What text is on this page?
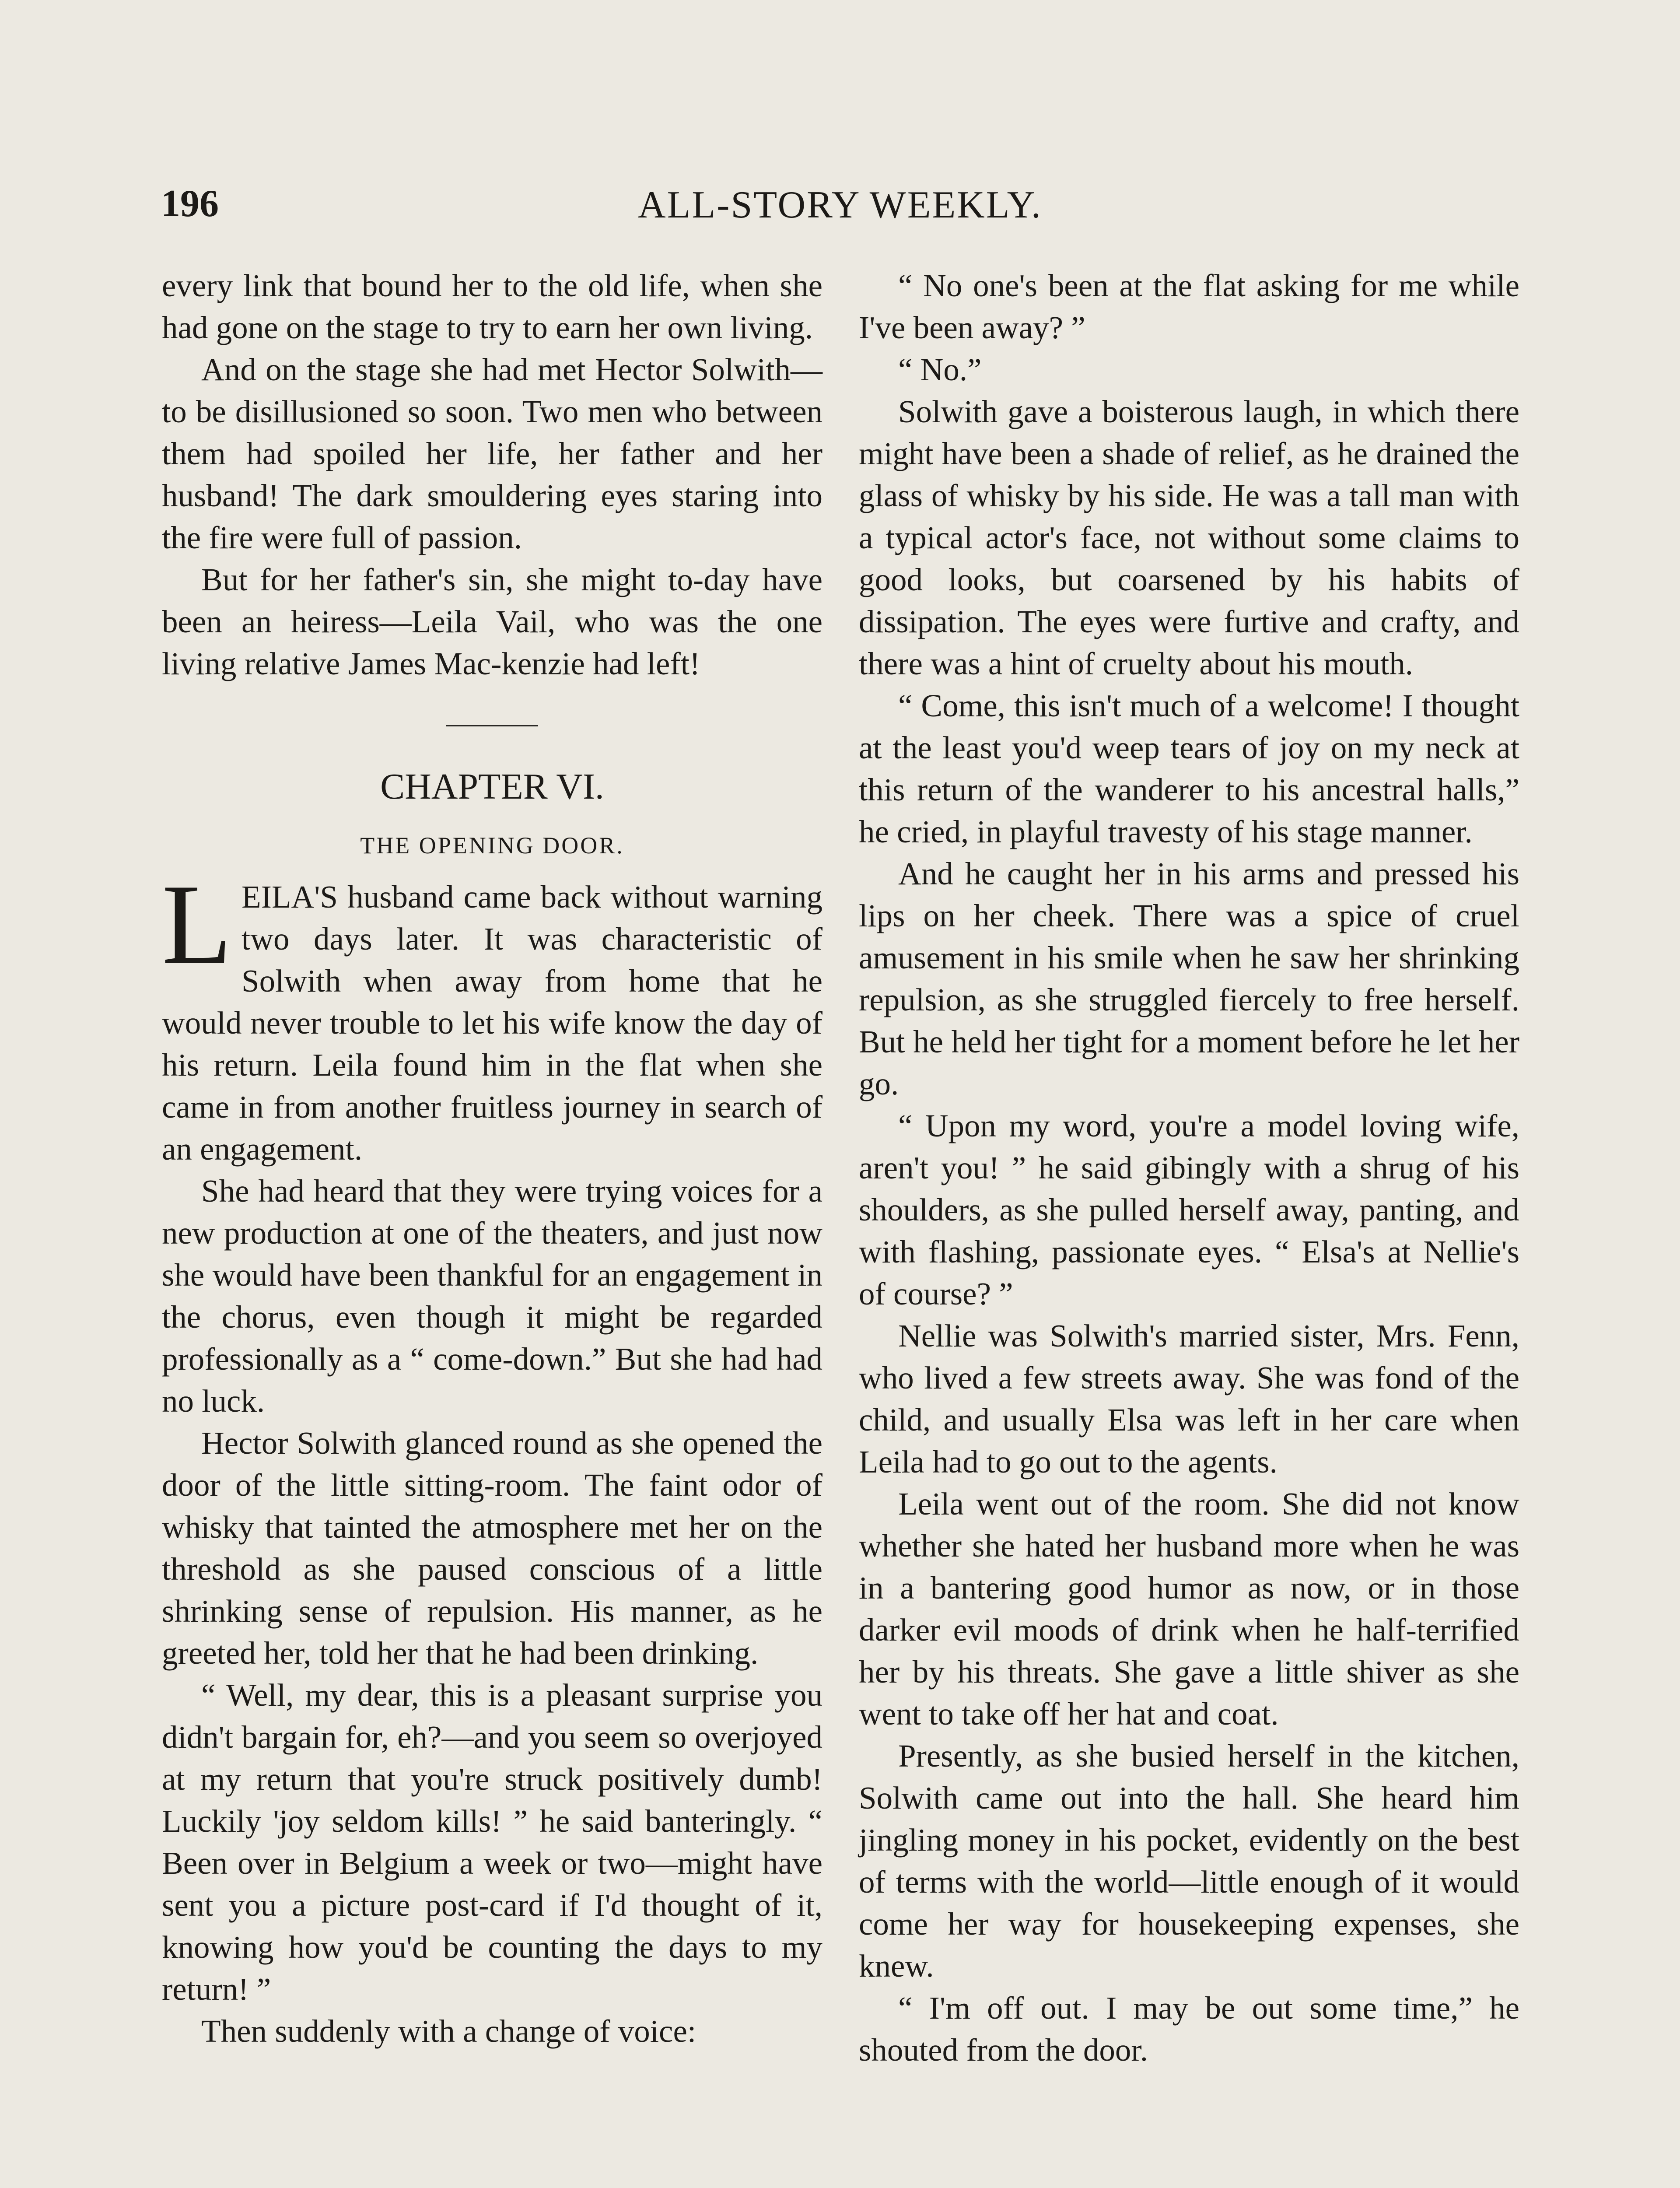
196	ALL-STORY WEEKLY.

every link that bound her to the old life, when she had gone on the stage to try to earn her own living.

And on the stage she had met Hector Solwith—to be disillusioned so soon. Two men who between them had spoiled her life, her father and her husband! The dark smouldering eyes staring into the fire were full of passion.

But for her father's sin, she might to-day have been an heiress—Leila Vail, who was the one living relative James Mac-kenzie had left!

CHAPTER VI.
THE OPENING DOOR.

LEILA'S husband came back without warning two days later. It was characteristic of Solwith when away from home that he would never trouble to let his wife know the day of his return. Leila found him in the flat when she came in from another fruitless journey in search of an engagement.

She had heard that they were trying voices for a new production at one of the theaters, and just now she would have been thankful for an engagement in the chorus, even though it might be regarded professionally as a “ come-down.” But she had had no luck.

Hector Solwith glanced round as she opened the door of the little sitting-room. The faint odor of whisky that tainted the atmosphere met her on the threshold as she paused conscious of a little shrinking sense of repulsion. His manner, as he greeted her, told her that he had been drinking.

“ Well, my dear, this is a pleasant surprise you didn't bargain for, eh?—and you seem so overjoyed at my return that you're struck positively dumb! Luckily 'joy seldom kills! ” he said banteringly. “ Been over in Belgium a week or two—might have sent you a picture post-card if I'd thought of it, knowing how you'd be counting the days to my return! ”

Then suddenly with a change of voice:

“ No one's been at the flat asking for me while I've been away? ”

“ No.”

Solwith gave a boisterous laugh, in which there might have been a shade of relief, as he drained the glass of whisky by his side. He was a tall man with a typical actor's face, not without some claims to good looks, but coarsened by his habits of dissipation. The eyes were furtive and crafty, and there was a hint of cruelty about his mouth.

“ Come, this isn't much of a welcome! I thought at the least you'd weep tears of joy on my neck at this return of the wanderer to his ancestral halls,” he cried, in playful travesty of his stage manner.

And he caught her in his arms and pressed his lips on her cheek. There was a spice of cruel amusement in his smile when he saw her shrinking repulsion, as she struggled fiercely to free herself. But he held her tight for a moment before he let her go.

“ Upon my word, you're a model loving wife, aren't you! ” he said gibingly with a shrug of his shoulders, as she pulled herself away, panting, and with flashing, passionate eyes. “ Elsa's at Nellie's of course? ”

Nellie was Solwith's married sister, Mrs. Fenn, who lived a few streets away. She was fond of the child, and usually Elsa was left in her care when Leila had to go out to the agents.

Leila went out of the room. She did not know whether she hated her husband more when he was in a bantering good humor as now, or in those darker evil moods of drink when he half-terrified her by his threats. She gave a little shiver as she went to take off her hat and coat.

Presently, as she busied herself in the kitchen, Solwith came out into the hall. She heard him jingling money in his pocket, evidently on the best of terms with the world—little enough of it would come her way for housekeeping expenses, she knew.

“ I'm off out. I may be out some time,” he shouted from the door.
